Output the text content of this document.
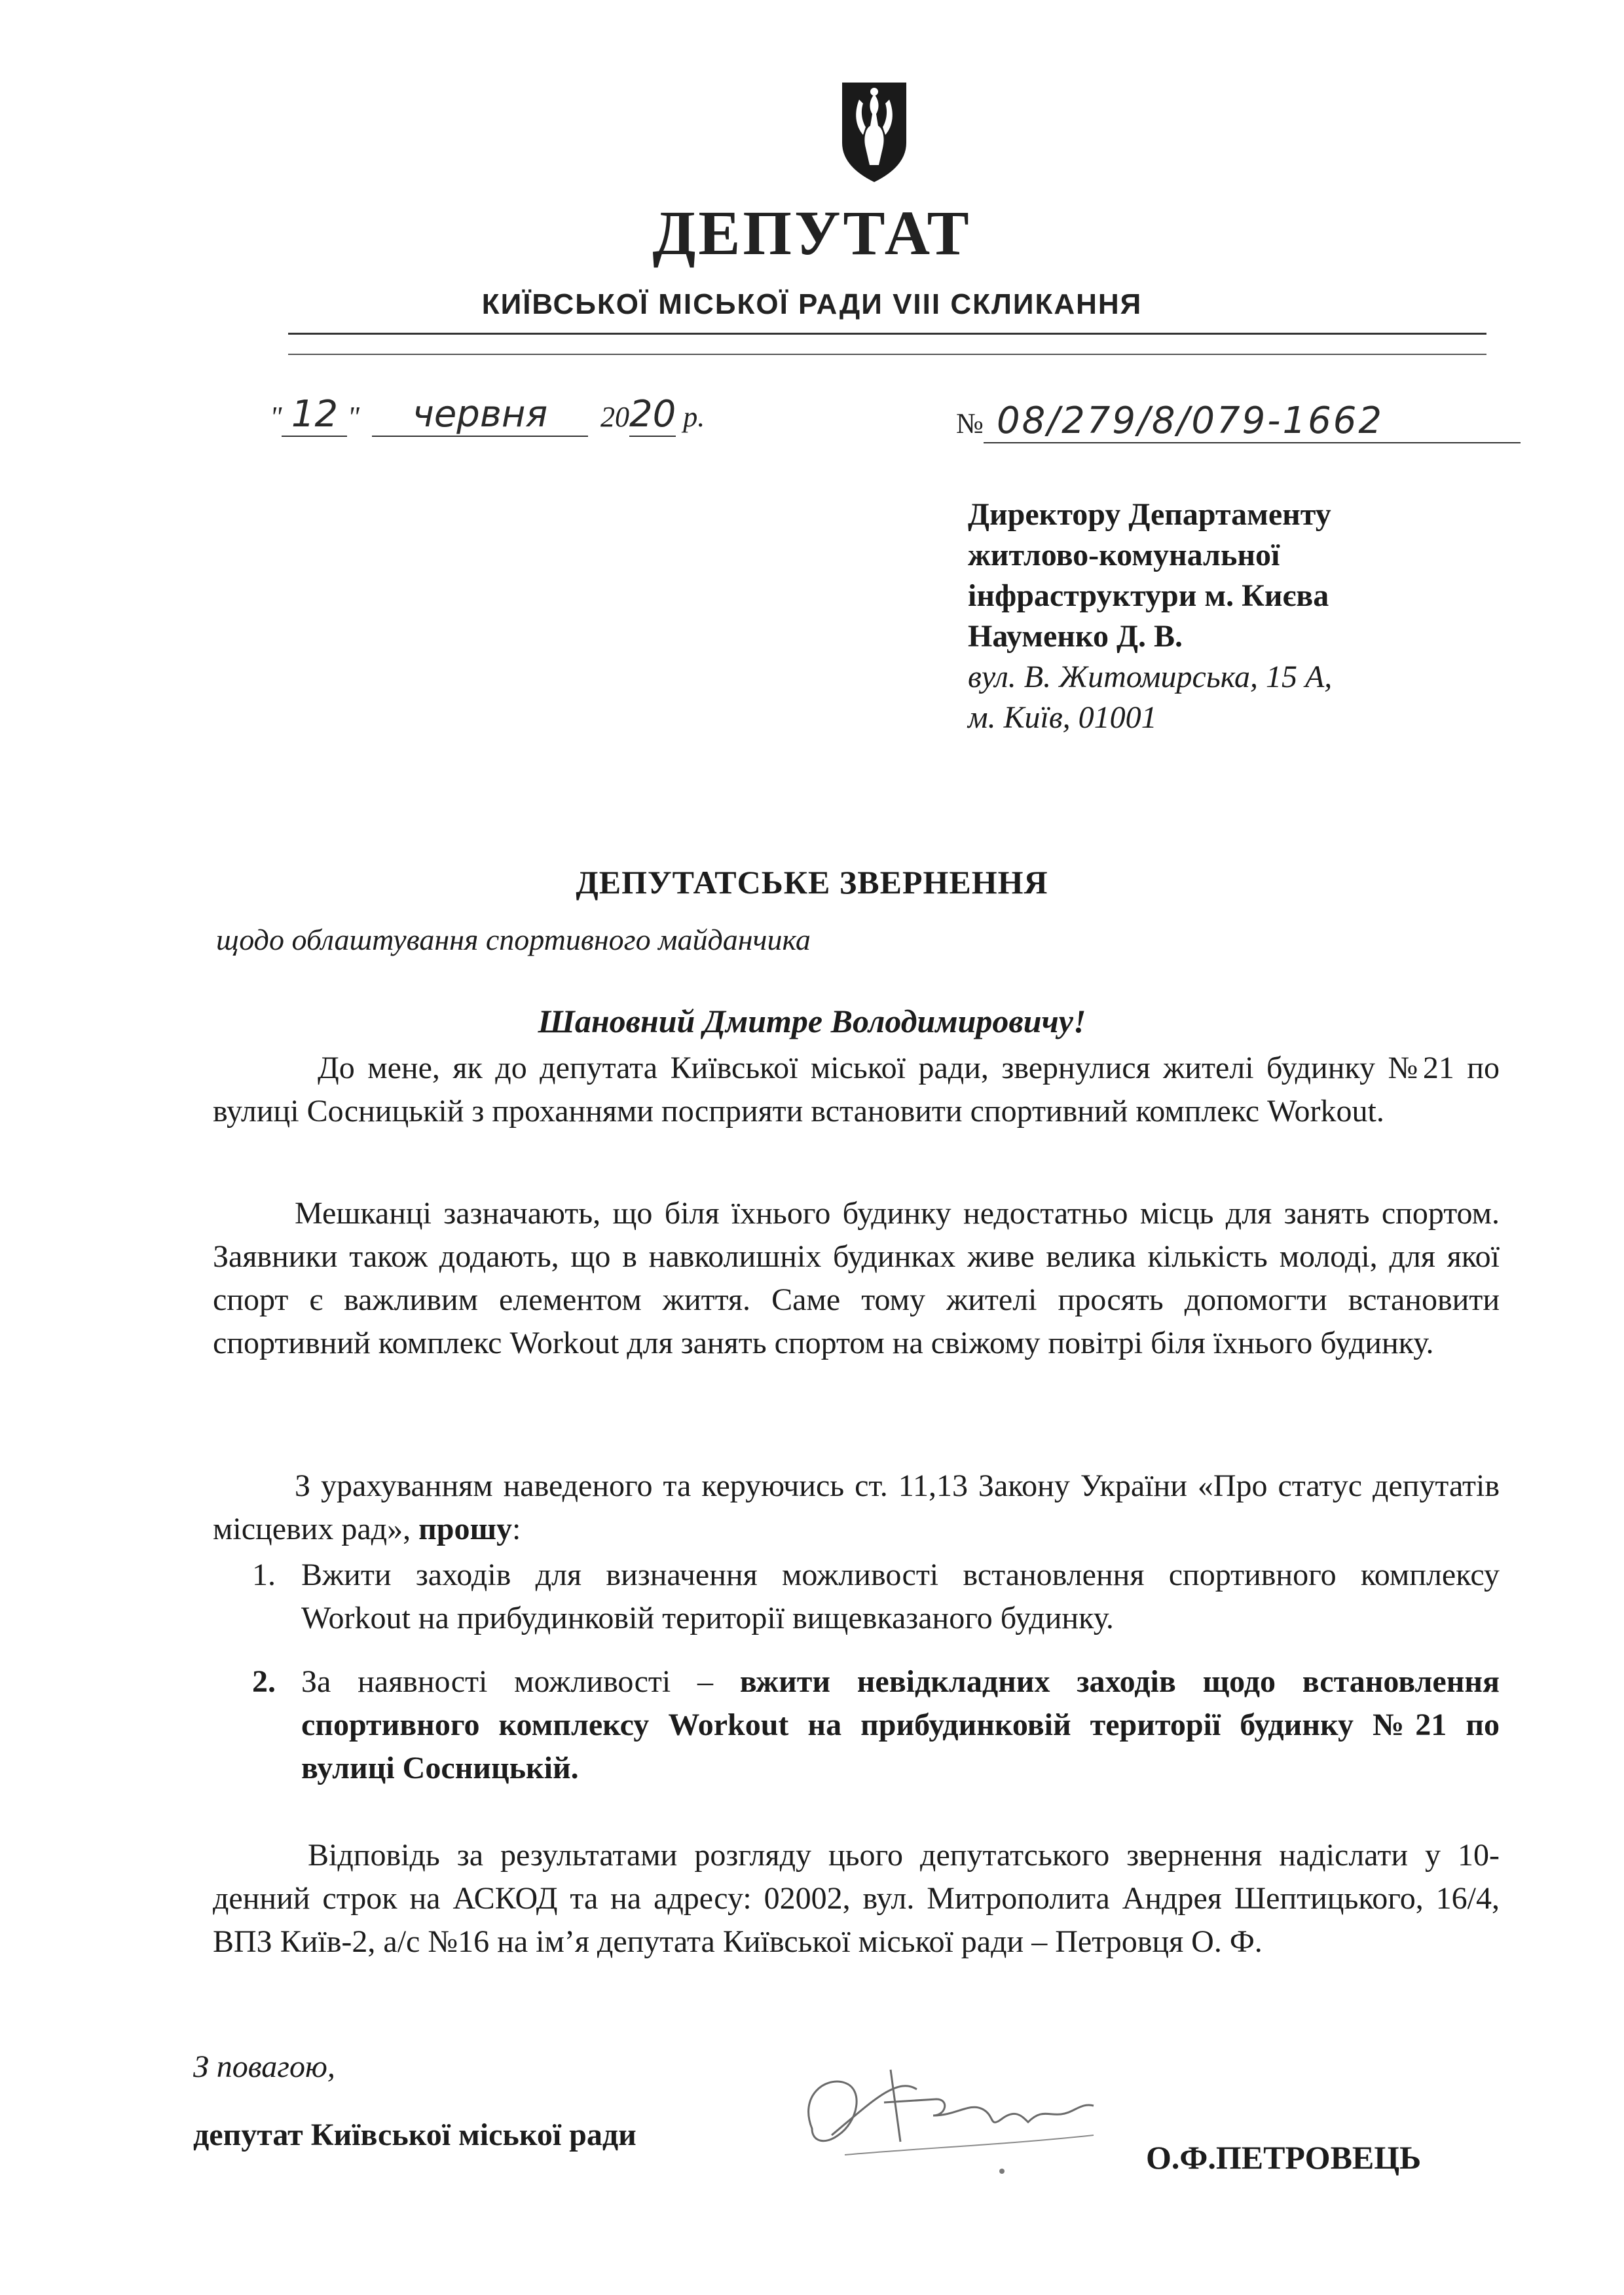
ДЕПУТАТ
КИЇВСЬКОЇ МІСЬКОЇ РАДИ VIII СКЛИКАННЯ
" 12 " червня 2020 р.	№ 08/279/8/079-1662
Директору Департаменту
житлово-комунальної
інфраструктури м. Києва
Науменко Д. В.
вул. В. Житомирська, 15 А,
м. Київ, 01001
ДЕПУТАТСЬКЕ ЗВЕРНЕННЯ
щодо облаштування спортивного майданчика
Шановний Дмитре Володимировичу!
До мене, як до депутата Київської міської ради, звернулися жителі будинку №21 по вулиці Сосницькій з проханнями посприяти встановити спортивний комплекс Workout.
Мешканці зазначають, що біля їхнього будинку недостатньо місць для занять спортом. Заявники також додають, що в навколишніх будинках живе велика кількість молоді, для якої спорт є важливим елементом життя. Саме тому жителі просять допомогти встановити спортивний комплекс Workout для занять спортом на свіжому повітрі біля їхнього будинку.
З урахуванням наведеного та керуючись ст. 11,13 Закону України «Про статус депутатів місцевих рад», прошу:
1. Вжити заходів для визначення можливості встановлення спортивного комплексу Workout на прибудинковій території вищевказаного будинку.
2. За наявності можливості – вжити невідкладних заходів щодо встановлення спортивного комплексу Workout на прибудинковій території будинку №21 по вулиці Сосницькій.
Відповідь за результатами розгляду цього депутатського звернення надіслати у 10-денний строк на АСКОД та на адресу: 02002, вул. Митрополита Андрея Шептицького, 16/4, ВПЗ Київ-2, а/с №16 на ім’я депутата Київської міської ради – Петровця О. Ф.
З повагою,
депутат Київської міської ради
О.Ф.ПЕТРОВЕЦЬ
